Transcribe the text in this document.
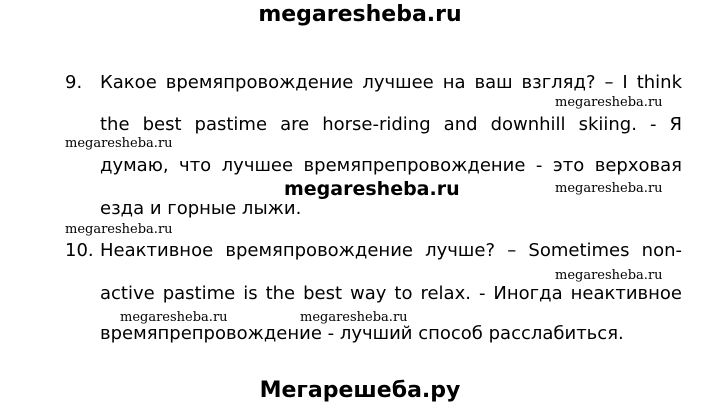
megaresheba.ru
9. Какое времяпровождение лучшее на ваш взгляд? – I think
the best pastime are horse-riding and downhill skiing. - Я
думаю, что лучшее времяпрепровождение - это верховая
езда и горные лыжи.
10. Неактивное времяпровождение лучше? – Sometimes non-
active pastime is the best way to relax. - Иногда неактивное
времяпрепровождение - лучший способ расслабиться.
megaresheba.ru
megaresheba.ru
megaresheba.ru	megaresheba.ru
megaresheba.ru
megaresheba.ru
megaresheba.ru	megaresheba.ru
Мегарешеба.ру
